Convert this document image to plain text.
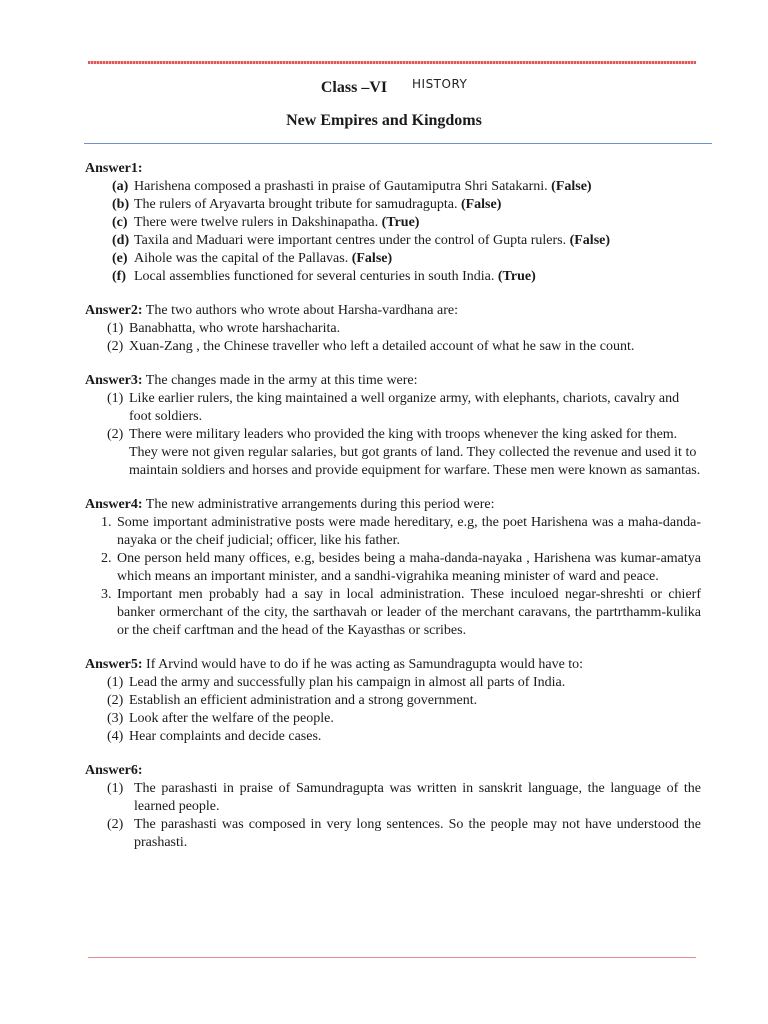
Class –VI	HISTORY
New Empires and Kingdoms
Answer1:
(a) Harishena composed a prashasti in praise of Gautamiputra Shri Satakarni. (False)
(b) The rulers of Aryavarta brought tribute for samudragupta. (False)
(c) There were twelve rulers in Dakshinapatha. (True)
(d) Taxila and Maduari were important centres under the control of Gupta rulers. (False)
(e) Aihole was the capital of the Pallavas. (False)
(f) Local assemblies functioned for several centuries in south India. (True)
Answer2: The two authors who wrote about Harsha-vardhana are:
(1) Banabhatta, who wrote harshacharita.
(2) Xuan-Zang , the Chinese traveller who left a detailed account of what he saw in the count.
Answer3: The changes made in the army at this time were:
(1) Like earlier rulers, the king maintained a well organize army, with elephants, chariots, cavalry and foot soldiers.
(2) There were military leaders who provided the king with troops whenever the king asked for them. They were not given regular salaries, but got grants of land. They collected the revenue and used it to maintain soldiers and horses and provide equipment for warfare. These men were known as samantas.
Answer4: The new administrative arrangements during this period were:
1. Some important administrative posts were made hereditary, e.g, the poet Harishena was a maha-danda-nayaka or the cheif judicial; officer, like his father.
2. One person held many offices, e.g, besides being a maha-danda-nayaka , Harishena was kumar-amatya which means an important minister, and a sandhi-vigrahika meaning minister of ward and peace.
3. Important men probably had a say in local administration. These inculoed negar-shreshti or chierf banker ormerchant of the city, the sarthavah or leader of the merchant caravans, the partrthamm-kulika or the cheif carftman and the head of the Kayasthas or scribes.
Answer5: If Arvind would have to do if he was acting as Samundragupta would have to:
(1) Lead the army and successfully plan his campaign in almost all parts of India.
(2) Establish an efficient administration and a strong government.
(3) Look after the welfare of the people.
(4) Hear complaints and decide cases.
Answer6:
(1) The parashasti in praise of Samundragupta was written in sanskrit language, the language of the learned people.
(2) The parashasti was composed in very long sentences. So the people may not have understood the prashasti.
